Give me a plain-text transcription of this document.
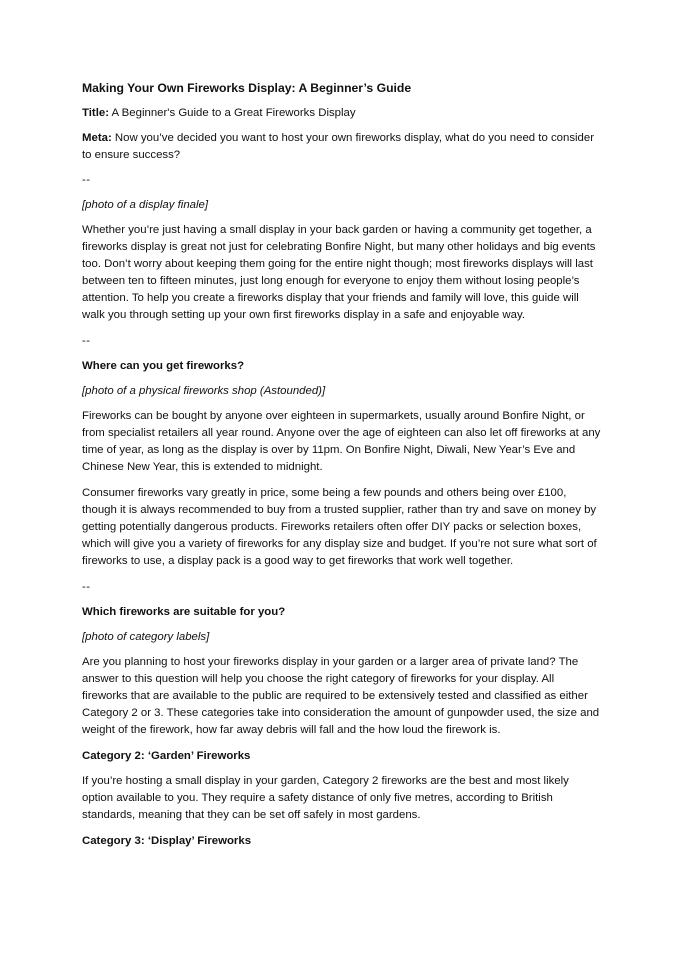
Making Your Own Fireworks Display: A Beginner’s Guide

Title: A Beginner's Guide to a Great Fireworks Display

Meta: Now you’ve decided you want to host your own fireworks display, what do you need to consider to ensure success?

--

[photo of a display finale]

Whether you’re just having a small display in your back garden or having a community get together, a fireworks display is great not just for celebrating Bonfire Night, but many other holidays and big events too. Don’t worry about keeping them going for the entire night though; most fireworks displays will last between ten to fifteen minutes, just long enough for everyone to enjoy them without losing people’s attention. To help you create a fireworks display that your friends and family will love, this guide will walk you through setting up your own first fireworks display in a safe and enjoyable way.

--

Where can you get fireworks?

[photo of a physical fireworks shop (Astounded)]

Fireworks can be bought by anyone over eighteen in supermarkets, usually around Bonfire Night, or from specialist retailers all year round. Anyone over the age of eighteen can also let off fireworks at any time of year, as long as the display is over by 11pm. On Bonfire Night, Diwali, New Year’s Eve and Chinese New Year, this is extended to midnight.

Consumer fireworks vary greatly in price, some being a few pounds and others being over £100, though it is always recommended to buy from a trusted supplier, rather than try and save on money by getting potentially dangerous products. Fireworks retailers often offer DIY packs or selection boxes, which will give you a variety of fireworks for any display size and budget. If you’re not sure what sort of fireworks to use, a display pack is a good way to get fireworks that work well together.

--

Which fireworks are suitable for you?

[photo of category labels]

Are you planning to host your fireworks display in your garden or a larger area of private land? The answer to this question will help you choose the right category of fireworks for your display. All fireworks that are available to the public are required to be extensively tested and classified as either Category 2 or 3. These categories take into consideration the amount of gunpowder used, the size and weight of the firework, how far away debris will fall and the how loud the firework is.

Category 2: ‘Garden’ Fireworks

If you’re hosting a small display in your garden, Category 2 fireworks are the best and most likely option available to you. They require a safety distance of only five metres, according to British standards, meaning that they can be set off safely in most gardens.

Category 3: ‘Display’ Fireworks
